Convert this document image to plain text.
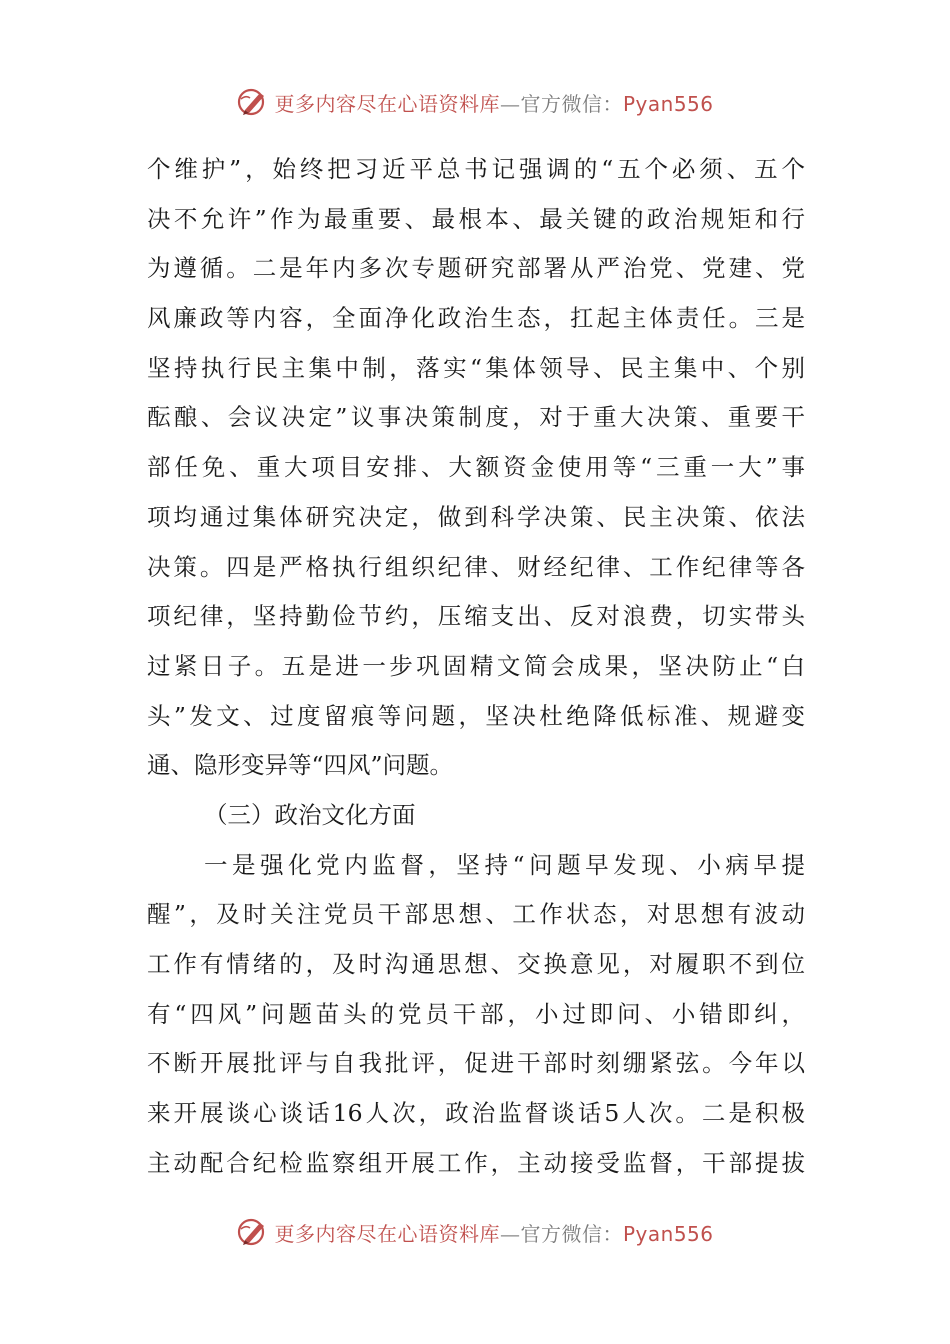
更多内容尽在心语资料库—官方微信：Pyan556
个维护”，始终把习近平总书记强调的“五个必须、五个
决不允许”作为最重要、最根本、最关键的政治规矩和行
为遵循。二是年内多次专题研究部署从严治党、党建、党
风廉政等内容，全面净化政治生态，扛起主体责任。三是
坚持执行民主集中制，落实“集体领导、民主集中、个别
酝酿、会议决定”议事决策制度，对于重大决策、重要干
部任免、重大项目安排、大额资金使用等“三重一大”事
项均通过集体研究决定，做到科学决策、民主决策、依法
决策。四是严格执行组织纪律、财经纪律、工作纪律等各
项纪律，坚持勤俭节约，压缩支出、反对浪费，切实带头
过紧日子。五是进一步巩固精文简会成果，坚决防止“白
头”发文、过度留痕等问题，坚决杜绝降低标准、规避变
通、隐形变异等“四风”问题。
（三）政治文化方面
一是强化党内监督，坚持“问题早发现、小病早提
醒”，及时关注党员干部思想、工作状态，对思想有波动
工作有情绪的，及时沟通思想、交换意见，对履职不到位
有“四风”问题苗头的党员干部，小过即问、小错即纠，
不断开展批评与自我批评，促进干部时刻绷紧弦。今年以
来开展谈心谈话16人次，政治监督谈话5人次。二是积极
主动配合纪检监察组开展工作，主动接受监督，干部提拔
更多内容尽在心语资料库—官方微信：Pyan556
